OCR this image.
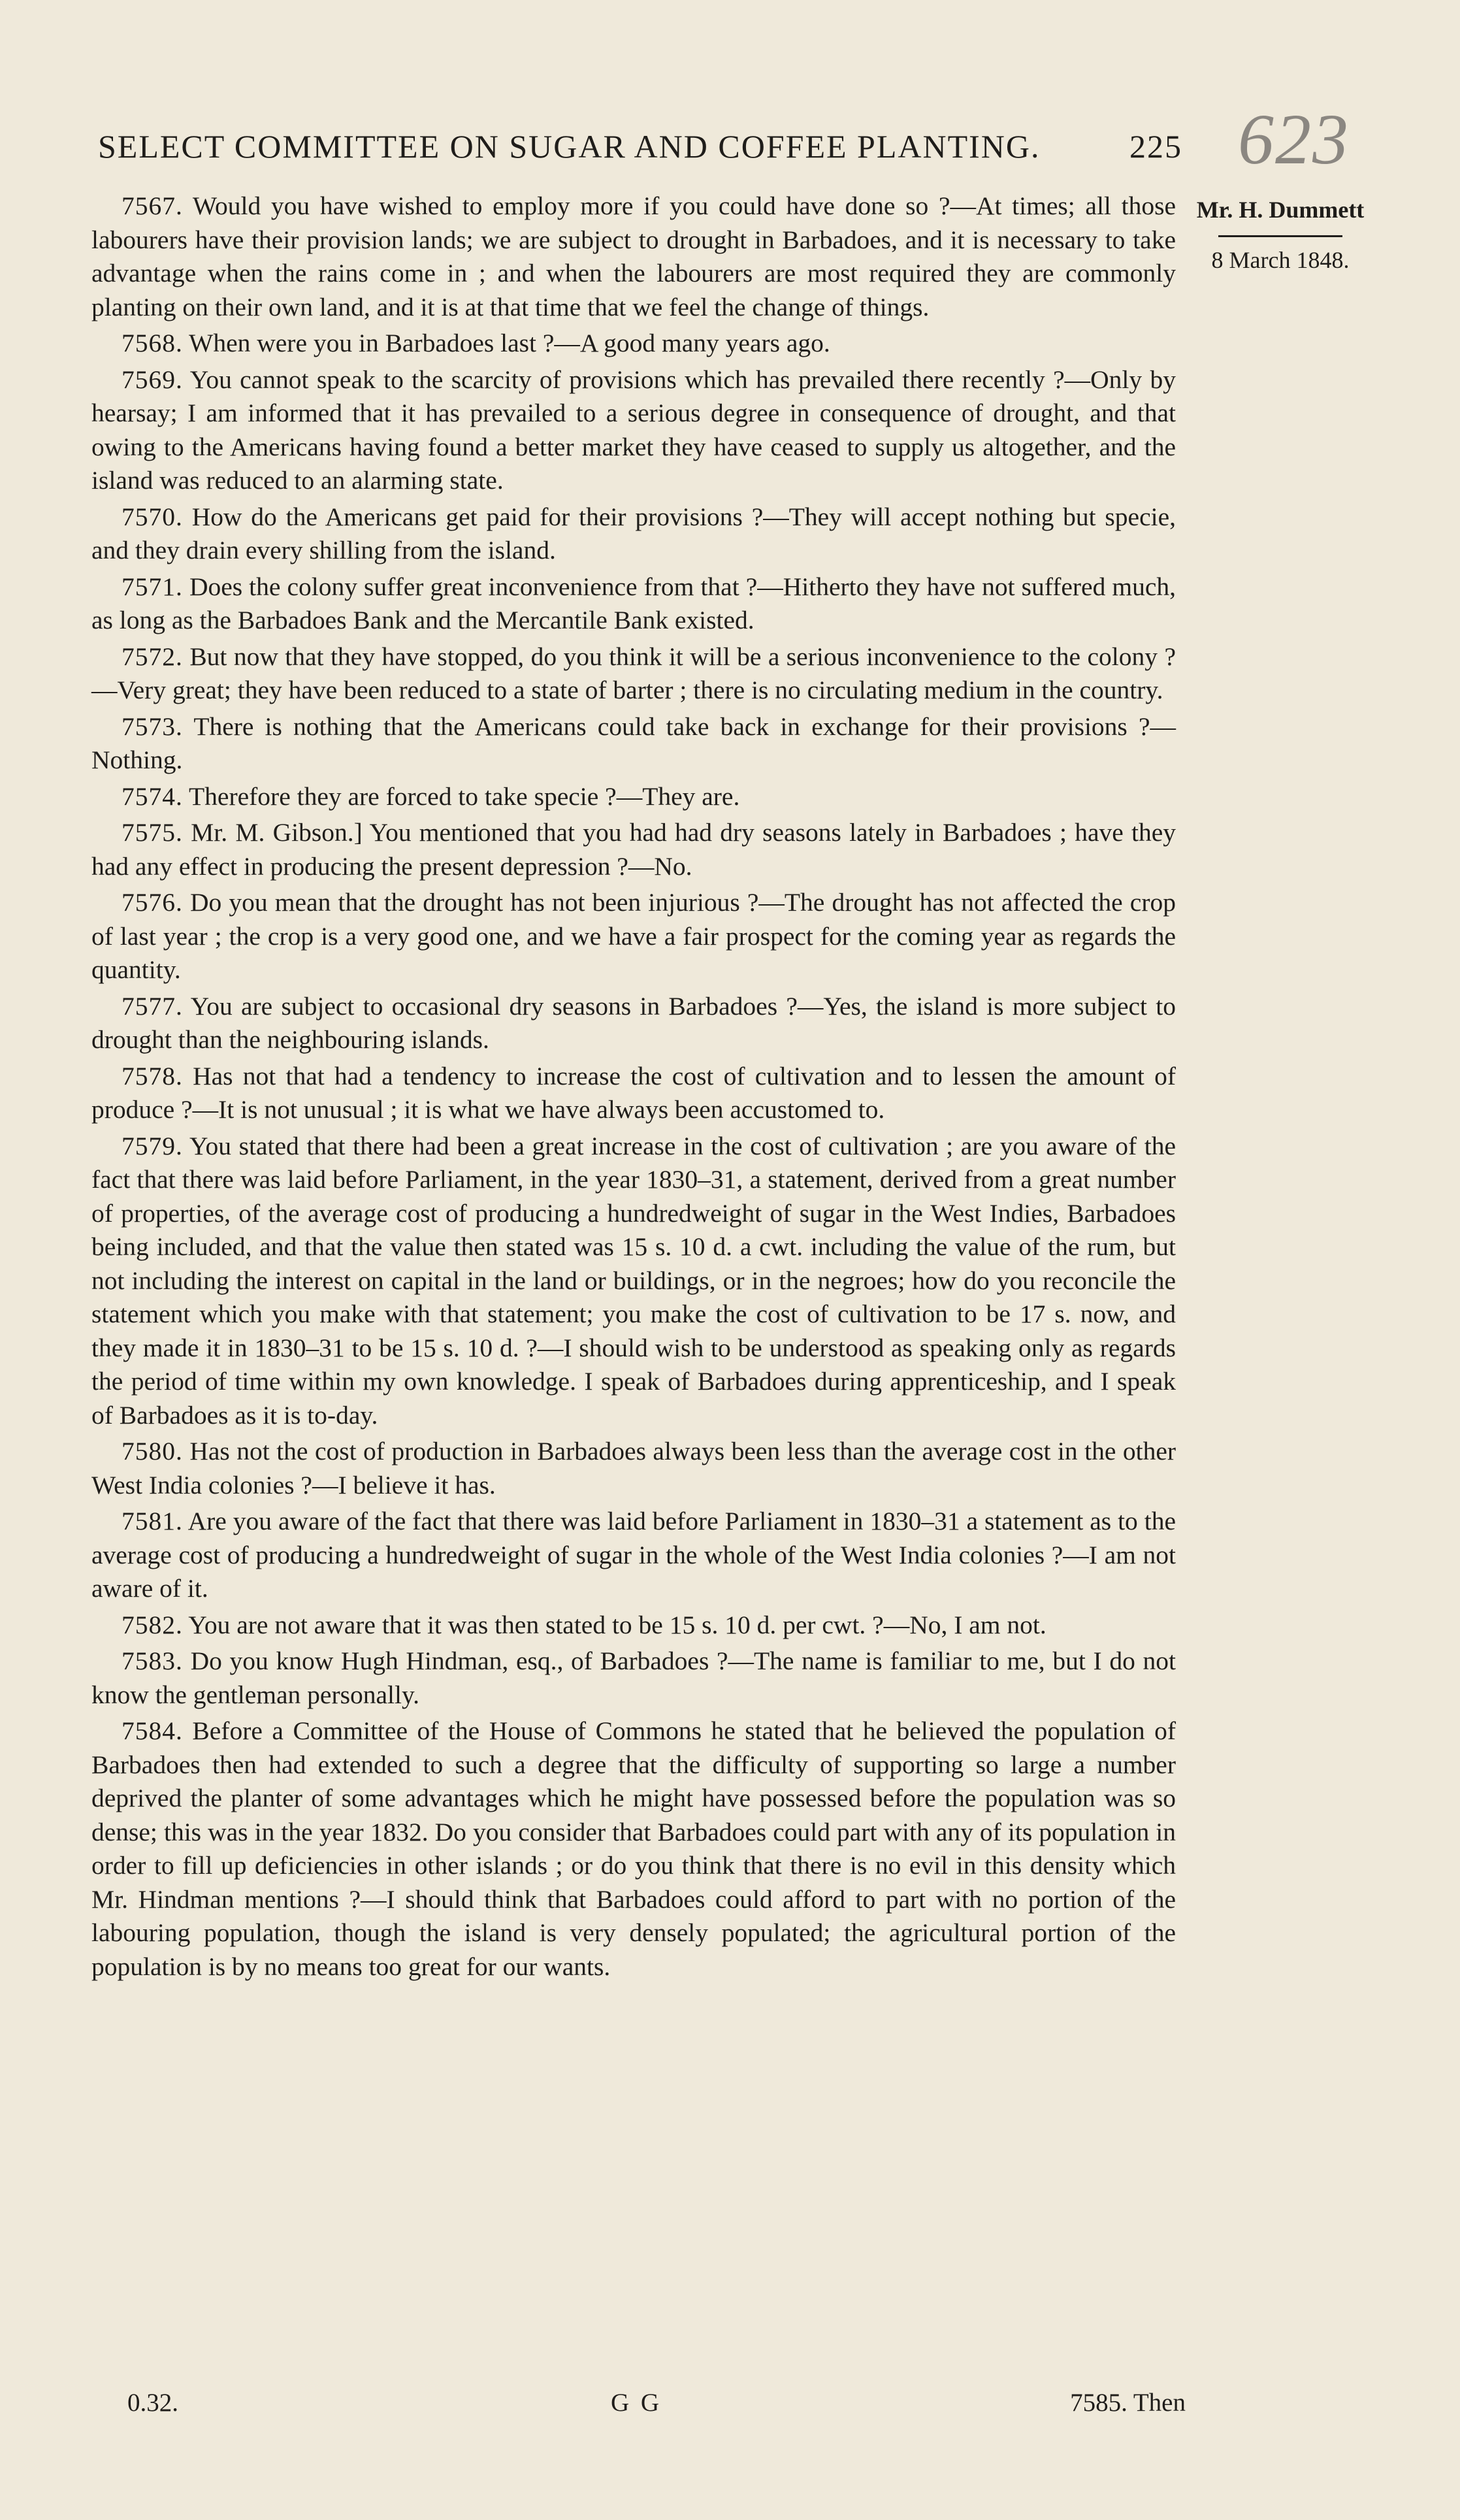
SELECT COMMITTEE ON SUGAR AND COFFEE PLANTING.	225 623
Mr. H. Dummett
8 March 1848.

7567. Would you have wished to employ more if you could have done so ?—At times; all those labourers have their provision lands; we are subject to drought in Barbadoes, and it is necessary to take advantage when the rains come in ; and when the labourers are most required they are commonly planting on their own land, and it is at that time that we feel the change of things.

7568. When were you in Barbadoes last ?—A good many years ago.

7569. You cannot speak to the scarcity of provisions which has prevailed there recently ?—Only by hearsay; I am informed that it has prevailed to a serious degree in consequence of drought, and that owing to the Americans having found a better market they have ceased to supply us altogether, and the island was reduced to an alarming state.

7570. How do the Americans get paid for their provisions ?—They will accept nothing but specie, and they drain every shilling from the island.

7571. Does the colony suffer great inconvenience from that ?—Hitherto they have not suffered much, as long as the Barbadoes Bank and the Mercantile Bank existed.

7572. But now that they have stopped, do you think it will be a serious inconvenience to the colony ?—Very great; they have been reduced to a state of barter ; there is no circulating medium in the country.

7573. There is nothing that the Americans could take back in exchange for their provisions ?—Nothing.

7574. Therefore they are forced to take specie ?—They are.

7575. Mr. M. Gibson.] You mentioned that you had had dry seasons lately in Barbadoes ; have they had any effect in producing the present depression ?—No.

7576. Do you mean that the drought has not been injurious ?—The drought has not affected the crop of last year ; the crop is a very good one, and we have a fair prospect for the coming year as regards the quantity.

7577. You are subject to occasional dry seasons in Barbadoes ?—Yes, the island is more subject to drought than the neighbouring islands.

7578. Has not that had a tendency to increase the cost of cultivation and to lessen the amount of produce ?—It is not unusual ; it is what we have always been accustomed to.

7579. You stated that there had been a great increase in the cost of cultivation ; are you aware of the fact that there was laid before Parliament, in the year 1830–31, a statement, derived from a great number of properties, of the average cost of producing a hundredweight of sugar in the West Indies, Barbadoes being included, and that the value then stated was 15 s. 10 d. a cwt. including the value of the rum, but not including the interest on capital in the land or buildings, or in the negroes; how do you reconcile the statement which you make with that statement; you make the cost of cultivation to be 17 s. now, and they made it in 1830–31 to be 15 s. 10 d. ?—I should wish to be understood as speaking only as regards the period of time within my own knowledge. I speak of Barbadoes during apprenticeship, and I speak of Barbadoes as it is to-day.

7580. Has not the cost of production in Barbadoes always been less than the average cost in the other West India colonies ?—I believe it has.

7581. Are you aware of the fact that there was laid before Parliament in 1830–31 a statement as to the average cost of producing a hundredweight of sugar in the whole of the West India colonies ?—I am not aware of it.

7582. You are not aware that it was then stated to be 15 s. 10 d. per cwt. ?—No, I am not.

7583. Do you know Hugh Hindman, esq., of Barbadoes ?—The name is familiar to me, but I do not know the gentleman personally.

7584. Before a Committee of the House of Commons he stated that he believed the population of Barbadoes then had extended to such a degree that the difficulty of supporting so large a number deprived the planter of some advantages which he might have possessed before the population was so dense; this was in the year 1832. Do you consider that Barbadoes could part with any of its population in order to fill up deficiencies in other islands ; or do you think that there is no evil in this density which Mr. Hindman mentions ?—I should think that Barbadoes could afford to part with no portion of the labouring population, though the island is very densely populated; the agricultural portion of the population is by no means too great for our wants.

0.32.	G G	7585. Then
